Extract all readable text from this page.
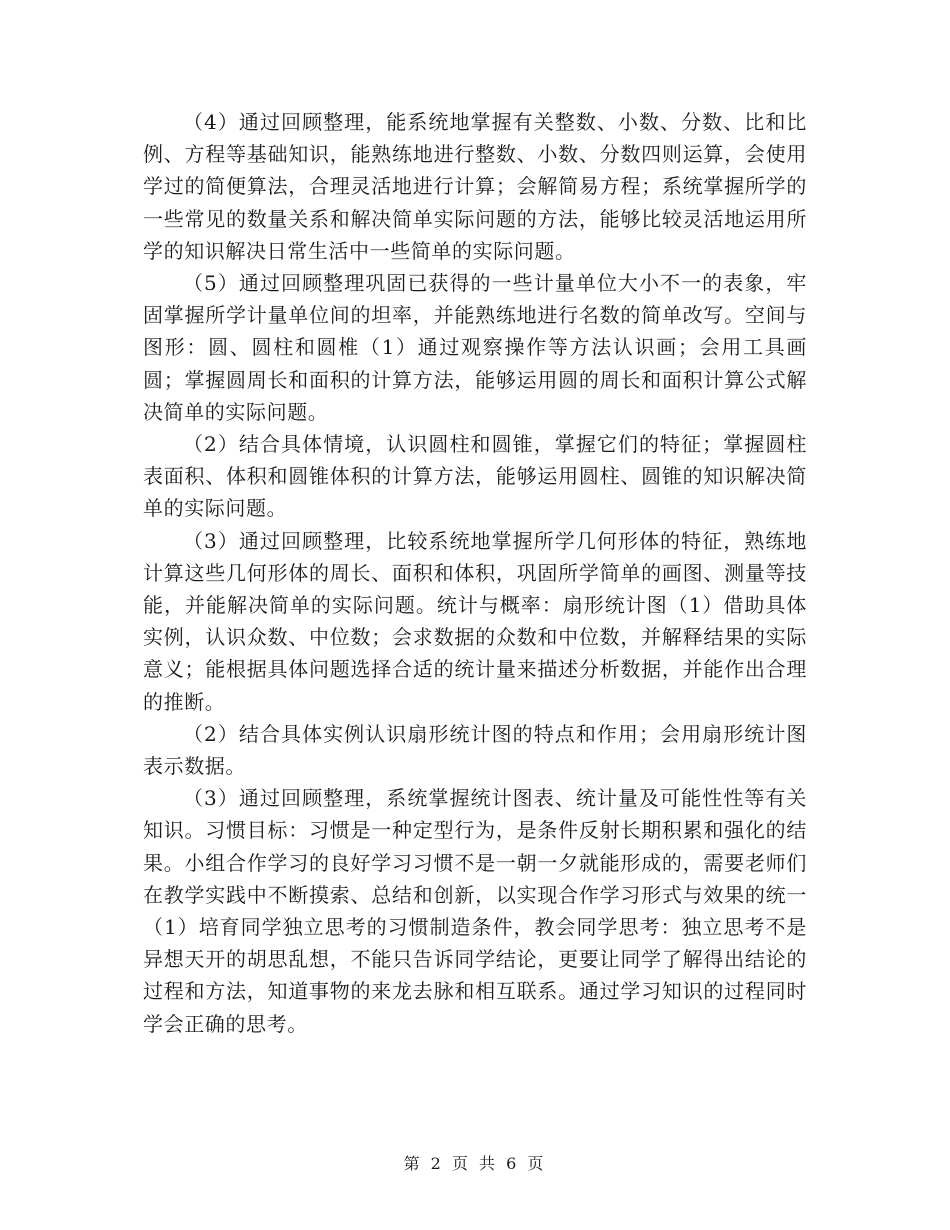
（4）通过回顾整理，能系统地掌握有关整数、小数、分数、比和比例、方程等基础知识，能熟练地进行整数、小数、分数四则运算，会使用学过的简便算法，合理灵活地进行计算；会解简易方程；系统掌握所学的一些常见的数量关系和解决简单实际问题的方法，能够比较灵活地运用所学的知识解决日常生活中一些简单的实际问题。

（5）通过回顾整理巩固已获得的一些计量单位大小不一的表象，牢固掌握所学计量单位间的坦率，并能熟练地进行名数的简单改写。空间与图形：圆、圆柱和圆椎（1）通过观察操作等方法认识画；会用工具画圆；掌握圆周长和面积的计算方法，能够运用圆的周长和面积计算公式解决简单的实际问题。

（2）结合具体情境，认识圆柱和圆锥，掌握它们的特征；掌握圆柱表面积、体积和圆锥体积的计算方法，能够运用圆柱、圆锥的知识解决简单的实际问题。

（3）通过回顾整理，比较系统地掌握所学几何形体的特征，熟练地计算这些几何形体的周长、面积和体积，巩固所学简单的画图、测量等技能，并能解决简单的实际问题。统计与概率：扇形统计图（1）借助具体实例，认识众数、中位数；会求数据的众数和中位数，并解释结果的实际意义；能根据具体问题选择合适的统计量来描述分析数据，并能作出合理的推断。

（2）结合具体实例认识扇形统计图的特点和作用；会用扇形统计图表示数据。

（3）通过回顾整理，系统掌握统计图表、统计量及可能性性等有关知识。习惯目标：习惯是一种定型行为，是条件反射长期积累和强化的结果。小组合作学习的良好学习习惯不是一朝一夕就能形成的，需要老师们在教学实践中不断摸索、总结和创新，以实现合作学习形式与效果的统一（1）培育同学独立思考的习惯制造条件，教会同学思考：独立思考不是异想天开的胡思乱想，不能只告诉同学结论，更要让同学了解得出结论的过程和方法，知道事物的来龙去脉和相互联系。通过学习知识的过程同时学会正确的思考。

第 2 页 共 6 页
